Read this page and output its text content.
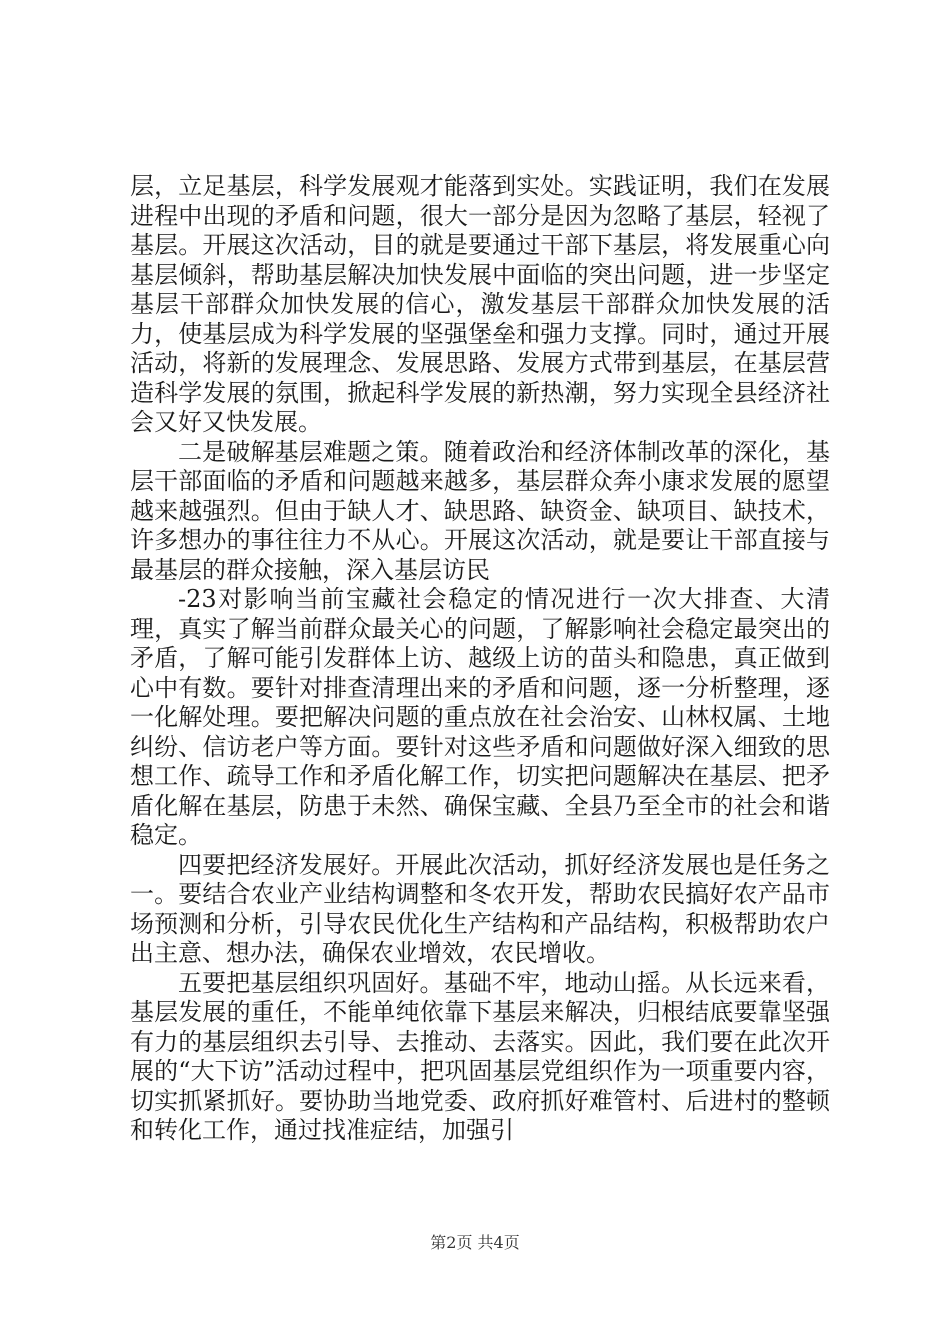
层，立足基层，科学发展观才能落到实处。实践证明，我们在发展进程中出现的矛盾和问题，很大一部分是因为忽略了基层，轻视了基层。开展这次活动，目的就是要通过干部下基层，将发展重心向基层倾斜，帮助基层解决加快发展中面临的突出问题，进一步坚定基层干部群众加快发展的信心，激发基层干部群众加快发展的活力，使基层成为科学发展的坚强堡垒和强力支撑。同时，通过开展活动，将新的发展理念、发展思路、发展方式带到基层，在基层营造科学发展的氛围，掀起科学发展的新热潮，努力实现全县经济社会又好又快发展。

二是破解基层难题之策。随着政治和经济体制改革的深化，基层干部面临的矛盾和问题越来越多，基层群众奔小康求发展的愿望越来越强烈。但由于缺人才、缺思路、缺资金、缺项目、缺技术，许多想办的事往往力不从心。开展这次活动，就是要让干部直接与最基层的群众接触，深入基层访民

-23对影响当前宝藏社会稳定的情况进行一次大排查、大清理，真实了解当前群众最关心的问题，了解影响社会稳定最突出的矛盾，了解可能引发群体上访、越级上访的苗头和隐患，真正做到心中有数。要针对排查清理出来的矛盾和问题，逐一分析整理，逐一化解处理。要把解决问题的重点放在社会治安、山林权属、土地纠纷、信访老户等方面。要针对这些矛盾和问题做好深入细致的思想工作、疏导工作和矛盾化解工作，切实把问题解决在基层、把矛盾化解在基层，防患于未然、确保宝藏、全县乃至全市的社会和谐稳定。

四要把经济发展好。开展此次活动，抓好经济发展也是任务之一。要结合农业产业结构调整和冬农开发，帮助农民搞好农产品市场预测和分析，引导农民优化生产结构和产品结构，积极帮助农户出主意、想办法，确保农业增效，农民增收。

五要把基层组织巩固好。基础不牢，地动山摇。从长远来看，基层发展的重任，不能单纯依靠下基层来解决，归根结底要靠坚强有力的基层组织去引导、去推动、去落实。因此，我们要在此次开展的“大下访”活动过程中，把巩固基层党组织作为一项重要内容，切实抓紧抓好。要协助当地党委、政府抓好难管村、后进村的整顿和转化工作，通过找准症结，加强引

第2页 共4页
